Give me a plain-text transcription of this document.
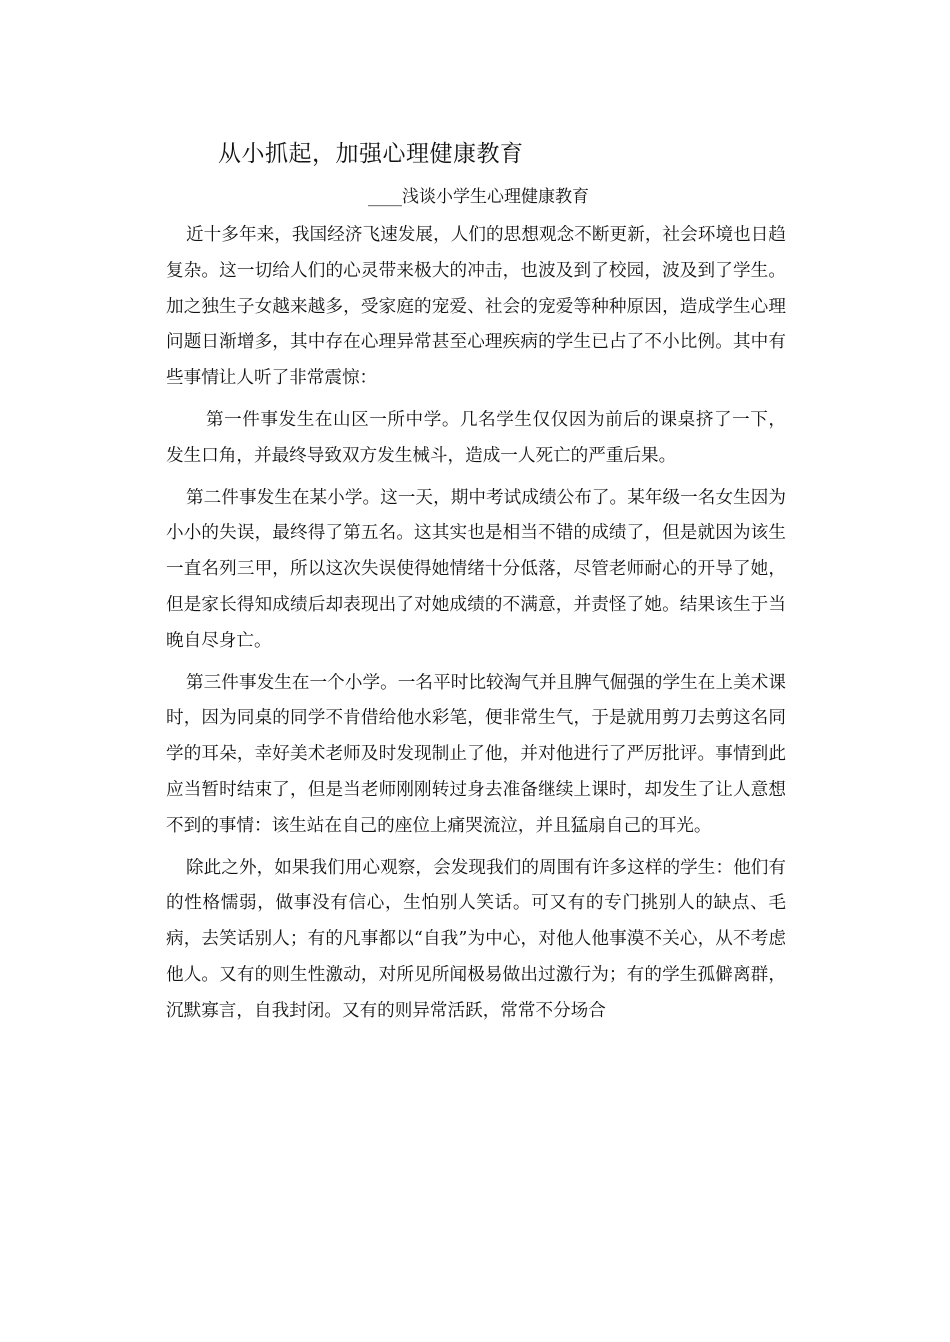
从小抓起，加强心理健康教育
____浅谈小学生心理健康教育

近十多年来，我国经济飞速发展，人们的思想观念不断更新，社会环境也日趋复杂。这一切给人们的心灵带来极大的冲击，也波及到了校园，波及到了学生。加之独生子女越来越多，受家庭的宠爱、社会的宠爱等种种原因，造成学生心理问题日渐增多，其中存在心理异常甚至心理疾病的学生已占了不小比例。其中有些事情让人听了非常震惊：

第一件事发生在山区一所中学。几名学生仅仅因为前后的课桌挤了一下，发生口角，并最终导致双方发生械斗，造成一人死亡的严重后果。

第二件事发生在某小学。这一天，期中考试成绩公布了。某年级一名女生因为小小的失误，最终得了第五名。这其实也是相当不错的成绩了，但是就因为该生一直名列三甲，所以这次失误使得她情绪十分低落，尽管老师耐心的开导了她，但是家长得知成绩后却表现出了对她成绩的不满意，并责怪了她。结果该生于当晚自尽身亡。

第三件事发生在一个小学。一名平时比较淘气并且脾气倔强的学生在上美术课时，因为同桌的同学不肯借给他水彩笔，便非常生气，于是就用剪刀去剪这名同学的耳朵，幸好美术老师及时发现制止了他，并对他进行了严厉批评。事情到此应当暂时结束了，但是当老师刚刚转过身去准备继续上课时，却发生了让人意想不到的事情：该生站在自己的座位上痛哭流泣，并且猛扇自己的耳光。

除此之外，如果我们用心观察，会发现我们的周围有许多这样的学生：他们有的性格懦弱，做事没有信心，生怕别人笑话。可又有的专门挑别人的缺点、毛病，去笑话别人；有的凡事都以“自我”为中心，对他人他事漠不关心，从不考虑他人。又有的则生性激动，对所见所闻极易做出过激行为；有的学生孤僻离群，沉默寡言，自我封闭。又有的则异常活跃，常常不分场合
